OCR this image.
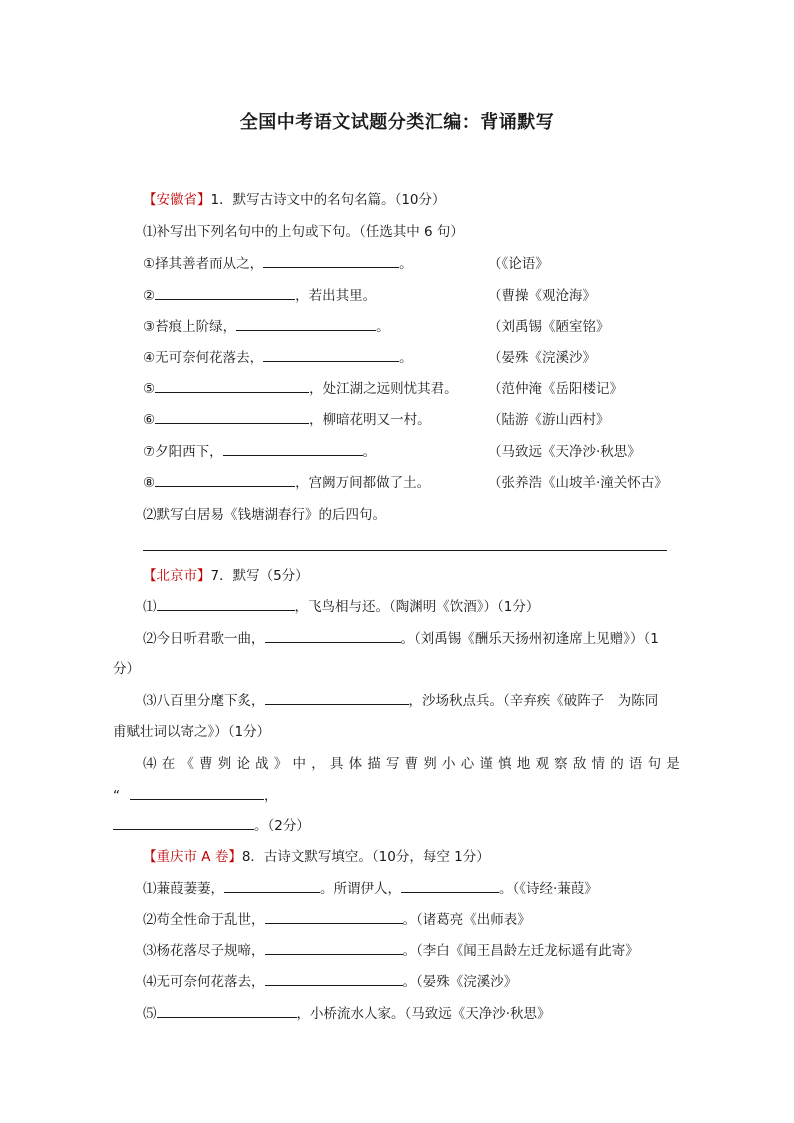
全国中考语文试题分类汇编：背诵默写
【安徽省】1．默写古诗文中的名句名篇。（10分）
⑴补写出下列名句中的上句或下句。（任选其中 6 句）
①择其善者而从之，	。	（《论语》
②	，若出其里。	（曹操《观沧海》
③苔痕上阶绿，	。	（刘禹锡《陋室铭》
④无可奈何花落去，	。	（晏殊《浣溪沙》
⑤	，处江湖之远则忧其君。 （范仲淹《岳阳楼记》
⑥	，柳暗花明又一村。	（陆游《游山西村》
⑦夕阳西下，	。	（马致远《天净沙·秋思》
⑧	，宫阙万间都做了土。	（张养浩《山坡羊·潼关怀古》
⑵默写白居易《钱塘湖春行》的后四句。
【北京市】7．默写（5分）
⑴	，飞鸟相与还。（陶渊明《饮酒》）（1分）
⑵今日听君歌一曲，	。（刘禹锡《酬乐天扬州初逢席上见赠》）（1
分）
⑶八百里分麾下炙，	，沙场秋点兵。（辛弃疾《破阵子　为陈同
甫赋壮词以寄之》）（1分）
⑷ 在 《 曹 刿 论 战 》 中 ， 具 体 描 写 曹 刿 小 心 谨 慎 地 观 察 敌 情 的 语 句 是
“	，
。（2分）
【重庆市 A 卷】8．古诗文默写填空。（10分，每空 1分）
⑴蒹葭萋萋，	。所谓伊人，	。（《诗经·蒹葭》
⑵苟全性命于乱世，	。（诸葛亮《出师表》
⑶杨花落尽子规啼，	。（李白《闻王昌龄左迁龙标遥有此寄》
⑷无可奈何花落去，	。（晏殊《浣溪沙》
⑸	，小桥流水人家。（马致远《天净沙·秋思》
